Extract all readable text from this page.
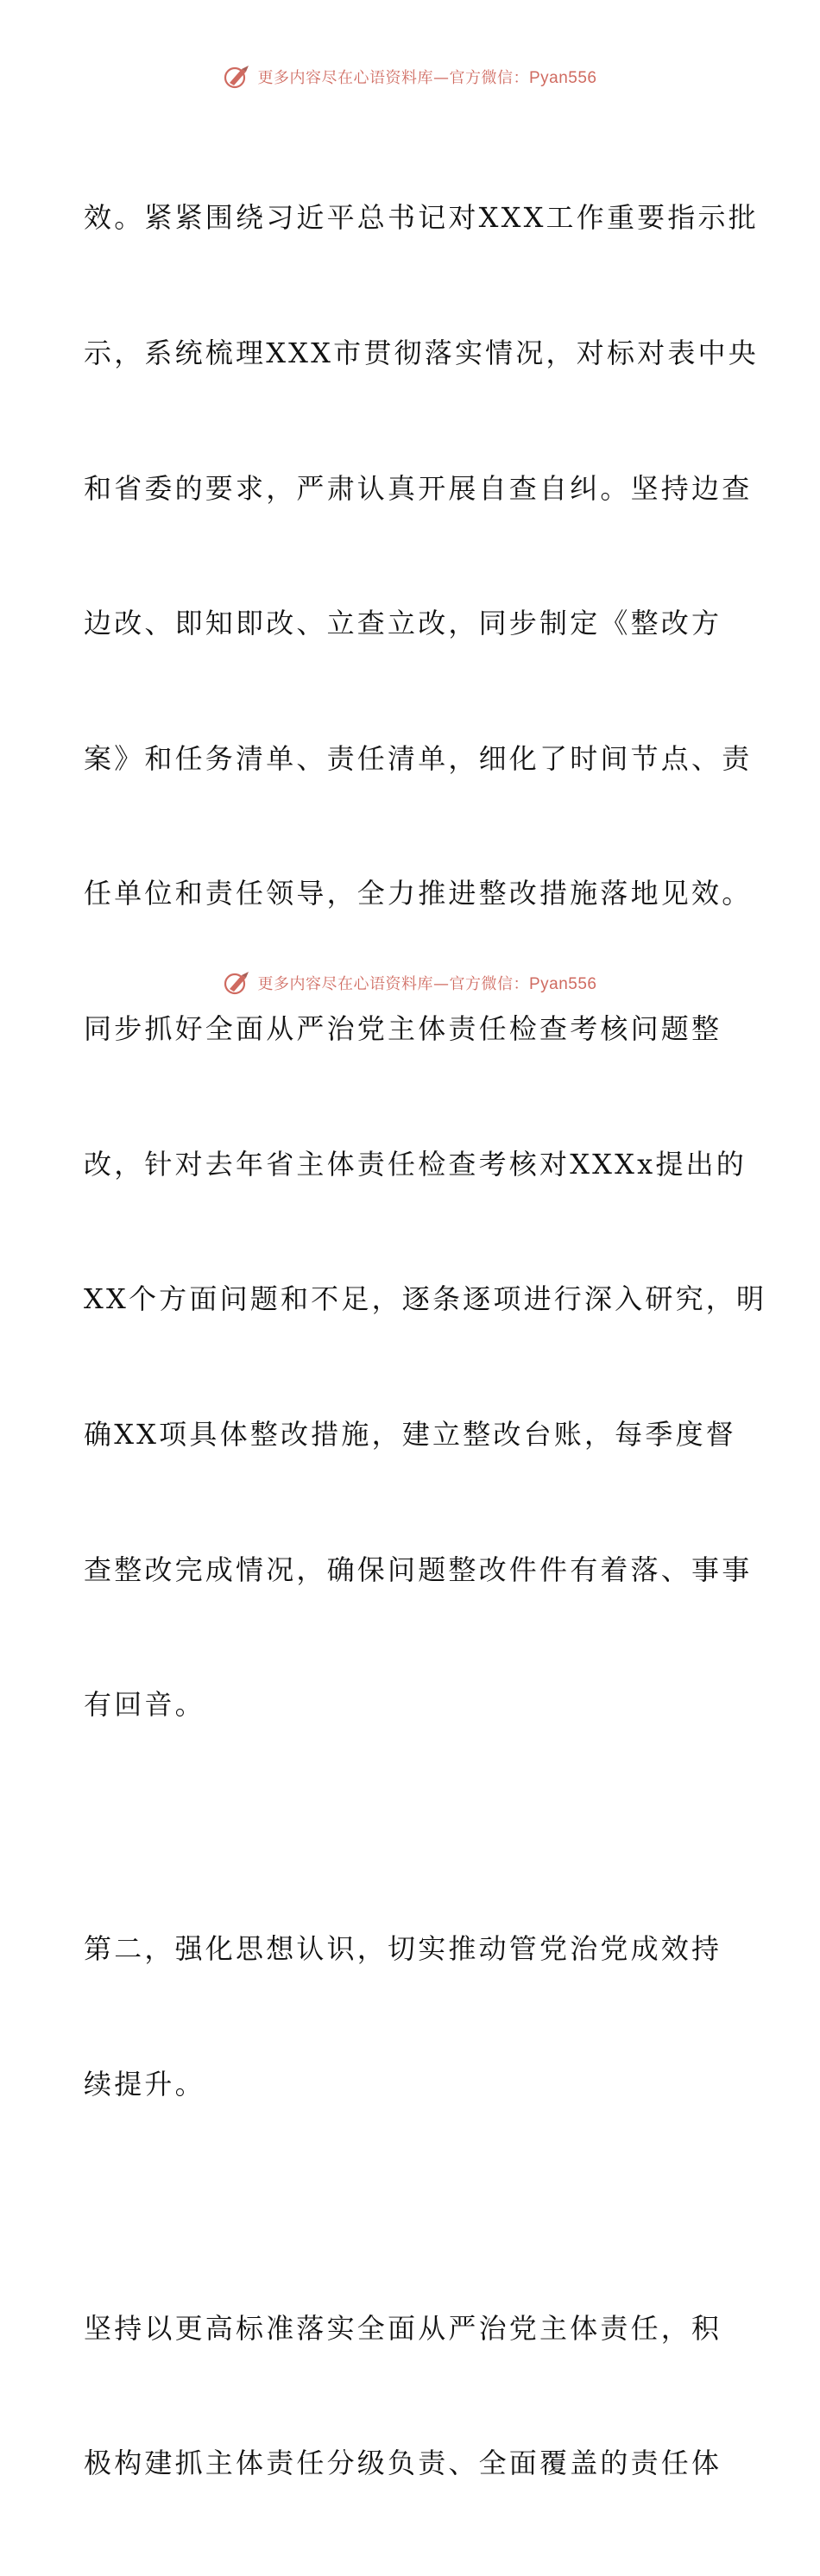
更多内容尽在心语资料库—官方微信：Pyan556

效。紧紧围绕习近平总书记对XXX工作重要指示批

示，系统梳理XXX市贯彻落实情况，对标对表中央

和省委的要求，严肃认真开展自查自纠。坚持边查

边改、即知即改、立查立改，同步制定《整改方

案》和任务清单、责任清单，细化了时间节点、责

任单位和责任领导，全力推进整改措施落地见效。

同步抓好全面从严治党主体责任检查考核问题整

改，针对去年省主体责任检查考核对XXXx提出的

XX个方面问题和不足，逐条逐项进行深入研究，明

确XX项具体整改措施，建立整改台账，每季度督

查整改完成情况，确保问题整改件件有着落、事事

有回音。

第二，强化思想认识，切实推动管党治党成效持

续提升。

坚持以更高标准落实全面从严治党主体责任，积

极构建抓主体责任分级负责、全面覆盖的责任体

更多内容尽在心语资料库—官方微信：Pyan556
